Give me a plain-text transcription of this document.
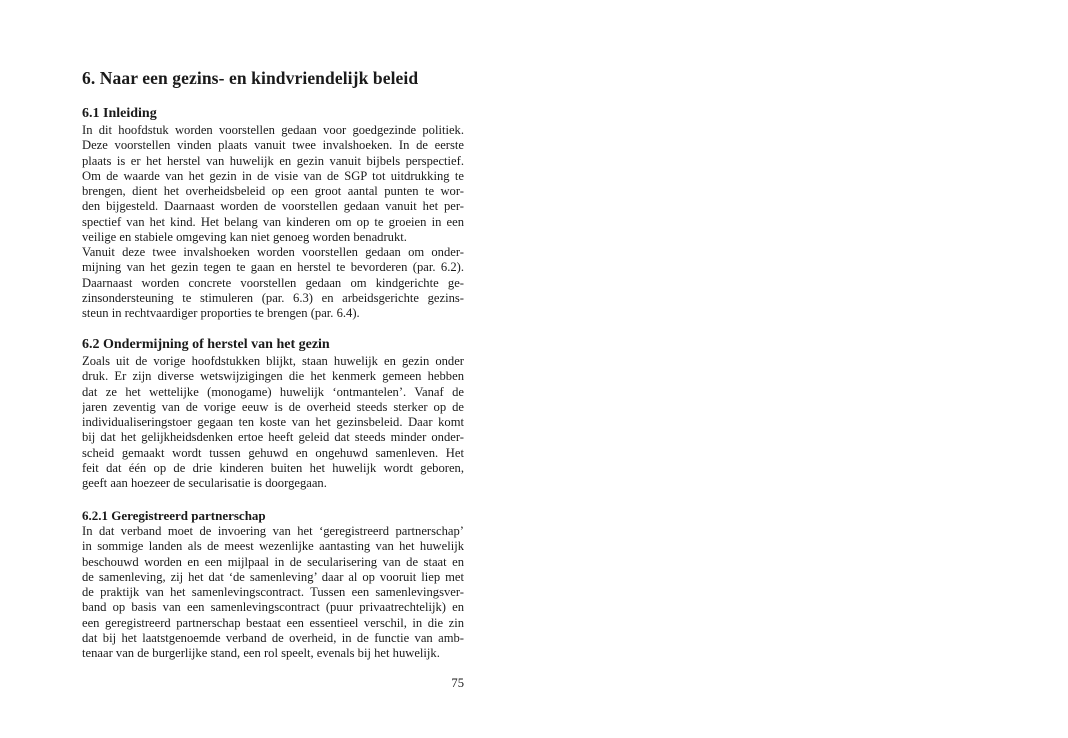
6. Naar een gezins- en kindvriendelijk beleid
6.1 Inleiding
In dit hoofdstuk worden voorstellen gedaan voor goedgezinde politiek.
Deze voorstellen vinden plaats vanuit twee invalshoeken. In de eerste
plaats is er het herstel van huwelijk en gezin vanuit bijbels perspectief.
Om de waarde van het gezin in de visie van de SGP tot uitdrukking te
brengen, dient het overheidsbeleid op een groot aantal punten te wor-
den bijgesteld. Daarnaast worden de voorstellen gedaan vanuit het per-
spectief van het kind. Het belang van kinderen om op te groeien in een
veilige en stabiele omgeving kan niet genoeg worden benadrukt.
Vanuit deze twee invalshoeken worden voorstellen gedaan om onder-
mijning van het gezin tegen te gaan en herstel te bevorderen (par. 6.2).
Daarnaast worden concrete voorstellen gedaan om kindgerichte ge-
zinsondersteuning te stimuleren (par. 6.3) en arbeidsgerichte gezins-
steun in rechtvaardiger proporties te brengen (par. 6.4).
6.2 Ondermijning of herstel van het gezin
Zoals uit de vorige hoofdstukken blijkt, staan huwelijk en gezin onder
druk. Er zijn diverse wetswijzigingen die het kenmerk gemeen hebben
dat ze het wettelijke (monogame) huwelijk ‘ontmantelen’. Vanaf de
jaren zeventig van de vorige eeuw is de overheid steeds sterker op de
individualiseringstoer gegaan ten koste van het gezinsbeleid. Daar komt
bij dat het gelijkheidsdenken ertoe heeft geleid dat steeds minder onder-
scheid gemaakt wordt tussen gehuwd en ongehuwd samenleven. Het
feit dat één op de drie kinderen buiten het huwelijk wordt geboren,
geeft aan hoezeer de secularisatie is doorgegaan.
6.2.1 Geregistreerd partnerschap
In dat verband moet de invoering van het ‘geregistreerd partnerschap’
in sommige landen als de meest wezenlijke aantasting van het huwelijk
beschouwd worden en een mijlpaal in de secularisering van de staat en
de samenleving, zij het dat ‘de samenleving’ daar al op vooruit liep met
de praktijk van het samenlevingscontract. Tussen een samenlevingsver-
band op basis van een samenlevingscontract (puur privaatrechtelijk) en
een geregistreerd partnerschap bestaat een essentieel verschil, in die zin
dat bij het laatstgenoemde verband de overheid, in de functie van amb-
tenaar van de burgerlijke stand, een rol speelt, evenals bij het huwelijk.

75
